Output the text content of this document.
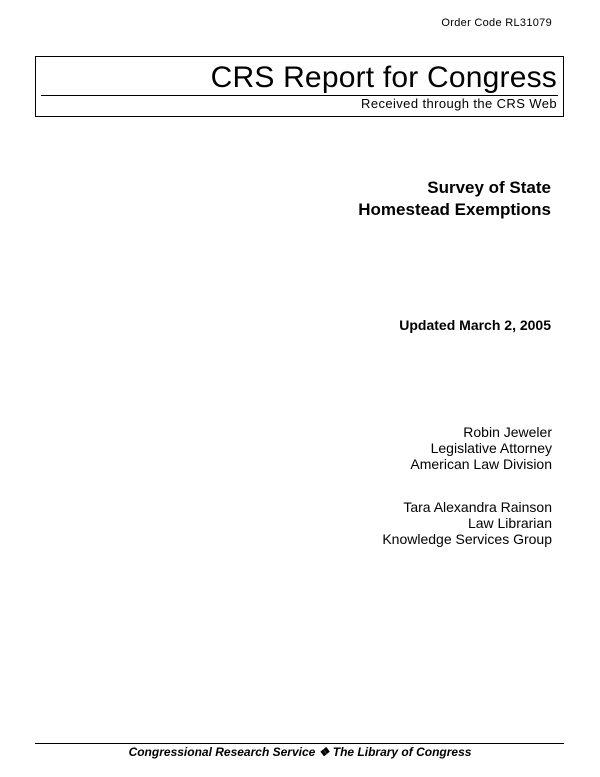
Order Code RL31079
CRS Report for Congress
Received through the CRS Web
Survey of State
Homestead Exemptions
Updated March 2, 2005
Robin Jeweler
Legislative Attorney
American Law Division
Tara Alexandra Rainson
Law Librarian
Knowledge Services Group
Congressional Research Service ❖ The Library of Congress
